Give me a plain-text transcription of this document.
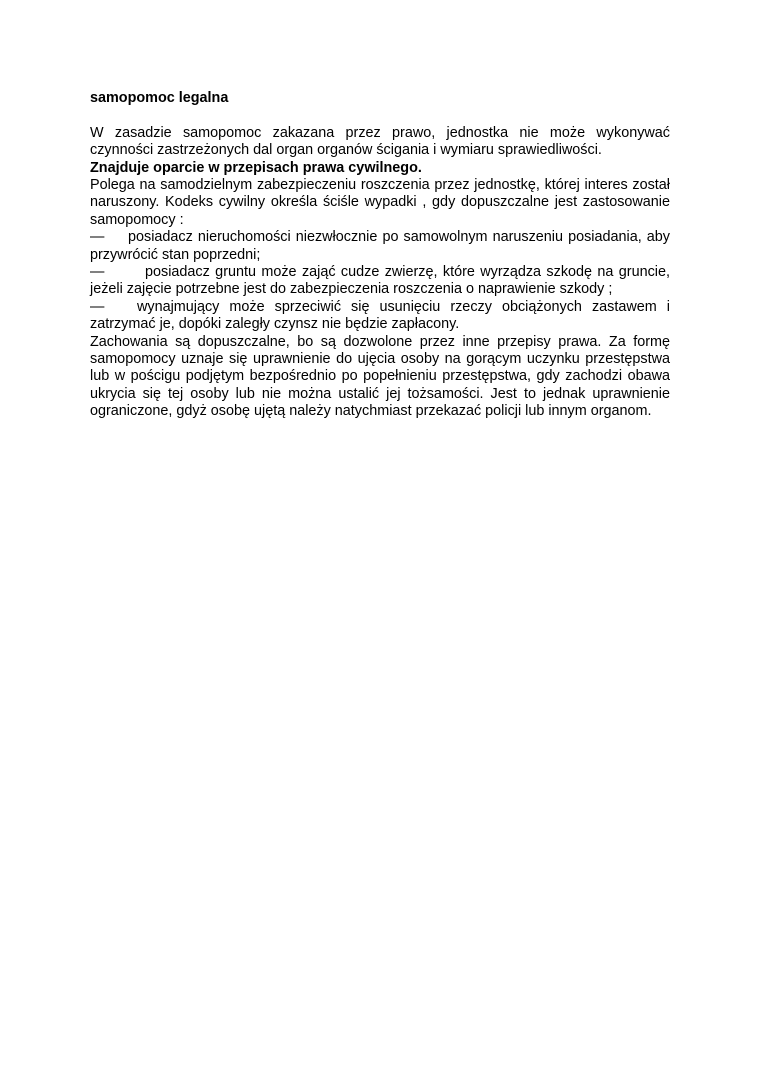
samopomoc legalna

W zasadzie samopomoc zakazana przez prawo, jednostka nie może wykonywać czynności zastrzeżonych dal organ organów ścigania i wymiaru sprawiedliwości.

Znajduje oparcie w przepisach prawa cywilnego.

Polega na samodzielnym zabezpieczeniu roszczenia przez jednostkę, której interes został naruszony. Kodeks cywilny określa ściśle wypadki , gdy dopuszczalne jest zastosowanie samopomocy :

— posiadacz nieruchomości niezwłocznie po samowolnym naruszeniu posiadania, aby przywrócić stan poprzedni;

—	posiadacz gruntu może zająć cudze zwierzę, które wyrządza szkodę na gruncie, jeżeli zajęcie potrzebne jest do zabezpieczenia roszczenia o naprawienie szkody ;

— wynajmujący może sprzeciwić się usunięciu rzeczy obciążonych zastawem i zatrzymać je, dopóki zaległy czynsz nie będzie zapłacony.

Zachowania są dopuszczalne, bo są dozwolone przez inne przepisy prawa. Za formę samopomocy uznaje się uprawnienie do ujęcia osoby na gorącym uczynku przestępstwa lub w pościgu podjętym bezpośrednio po popełnieniu przestępstwa, gdy zachodzi obawa ukrycia się tej osoby lub nie można ustalić jej tożsamości. Jest to jednak uprawnienie ograniczone, gdyż osobę ujętą należy natychmiast przekazać policji lub innym organom.
